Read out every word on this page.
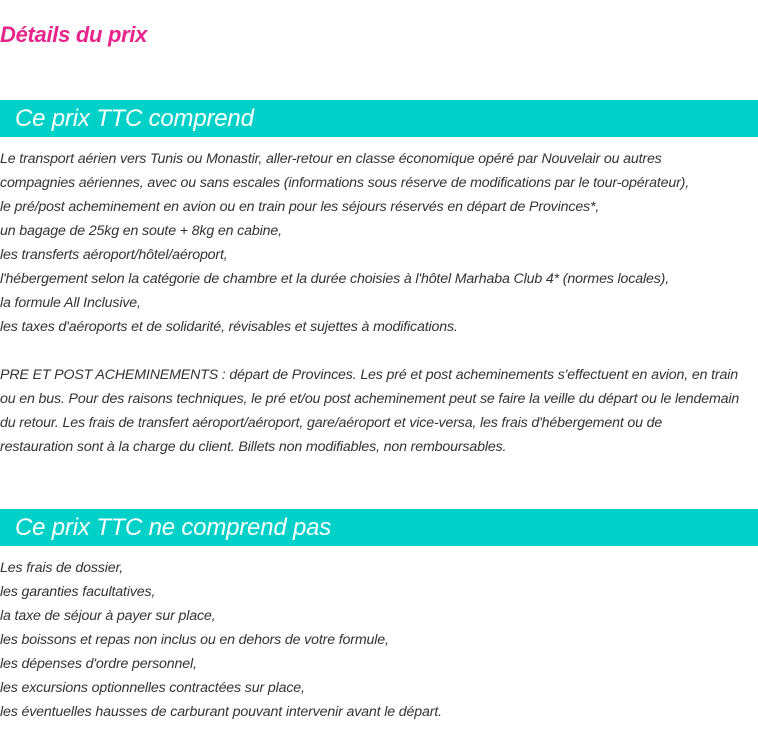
Détails du prix
Ce prix TTC comprend
Le transport aérien vers Tunis ou Monastir, aller-retour en classe économique opéré par Nouvelair ou autres
compagnies aériennes, avec ou sans escales (informations sous réserve de modifications par le tour-opérateur),
le pré/post acheminement en avion ou en train pour les séjours réservés en départ de Provinces*,
un bagage de 25kg en soute + 8kg en cabine,
les transferts aéroport/hôtel/aéroport,
l'hébergement selon la catégorie de chambre et la durée choisies à l'hôtel Marhaba Club 4* (normes locales),
la formule All Inclusive,
les taxes d'aéroports et de solidarité, révisables et sujettes à modifications.
PRE ET POST ACHEMINEMENTS : départ de Provinces. Les pré et post acheminements s'effectuent en avion, en train
ou en bus. Pour des raisons techniques, le pré et/ou post acheminement peut se faire la veille du départ ou le lendemain
du retour. Les frais de transfert aéroport/aéroport, gare/aéroport et vice-versa, les frais d'hébergement ou de
restauration sont à la charge du client. Billets non modifiables, non remboursables.
Ce prix TTC ne comprend pas
Les frais de dossier,
les garanties facultatives,
la taxe de séjour à payer sur place,
les boissons et repas non inclus ou en dehors de votre formule,
les dépenses d'ordre personnel,
les excursions optionnelles contractées sur place,
les éventuelles hausses de carburant pouvant intervenir avant le départ.
